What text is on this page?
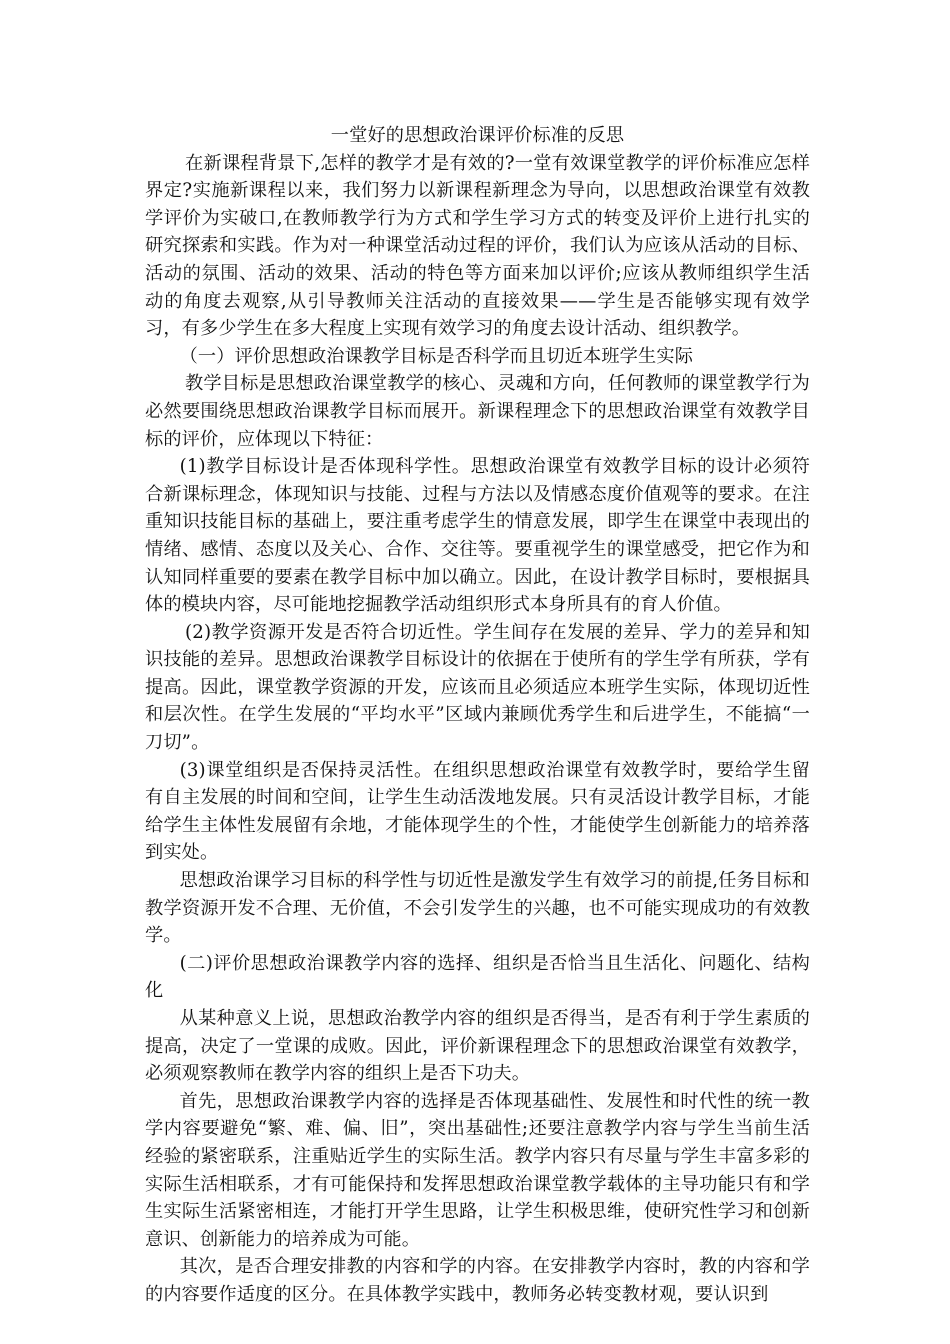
一堂好的思想政治课评价标准的反思

在新课程背景下,怎样的教学才是有效的?一堂有效课堂教学的评价标准应怎样界定?实施新课程以来，我们努力以新课程新理念为导向，以思想政治课堂有效教学评价为实破口,在教师教学行为方式和学生学习方式的转变及评价上进行扎实的研究探索和实践。作为对一种课堂活动过程的评价，我们认为应该从活动的目标、活动的氛围、活动的效果、活动的特色等方面来加以评价;应该从教师组织学生活动的角度去观察,从引导教师关注活动的直接效果——学生是否能够实现有效学习，有多少学生在多大程度上实现有效学习的角度去设计活动、组织教学。

（一）评价思想政治课教学目标是否科学而且切近本班学生实际

教学目标是思想政治课堂教学的核心、灵魂和方向，任何教师的课堂教学行为必然要围绕思想政治课教学目标而展开。新课程理念下的思想政治课堂有效教学目标的评价，应体现以下特征：

(1)教学目标设计是否体现科学性。思想政治课堂有效教学目标的设计必须符合新课标理念，体现知识与技能、过程与方法以及情感态度价值观等的要求。在注重知识技能目标的基础上，要注重考虑学生的情意发展，即学生在课堂中表现出的情绪、感情、态度以及关心、合作、交往等。要重视学生的课堂感受，把它作为和认知同样重要的要素在教学目标中加以确立。因此，在设计教学目标时，要根据具体的模块内容，尽可能地挖掘教学活动组织形式本身所具有的育人价值。

(2)教学资源开发是否符合切近性。学生间存在发展的差异、学力的差异和知识技能的差异。思想政治课教学目标设计的依据在于使所有的学生学有所获，学有提高。因此，课堂教学资源的开发，应该而且必须适应本班学生实际，体现切近性和层次性。在学生发展的“平均水平”区域内兼顾优秀学生和后进学生，不能搞“一刀切”。

(3)课堂组织是否保持灵活性。在组织思想政治课堂有效教学时，要给学生留有自主发展的时间和空间，让学生生动活泼地发展。只有灵活设计教学目标，才能给学生主体性发展留有余地，才能体现学生的个性，才能使学生创新能力的培养落到实处。

思想政治课学习目标的科学性与切近性是激发学生有效学习的前提,任务目标和教学资源开发不合理、无价值，不会引发学生的兴趣，也不可能实现成功的有效教学。

(二)评价思想政治课教学内容的选择、组织是否恰当且生活化、问题化、结构化

从某种意义上说，思想政治教学内容的组织是否得当，是否有利于学生素质的提高，决定了一堂课的成败。因此，评价新课程理念下的思想政治课堂有效教学，必须观察教师在教学内容的组织上是否下功夫。

首先，思想政治课教学内容的选择是否体现基础性、发展性和时代性的统一教学内容要避免“繁、难、偏、旧”，突出基础性;还要注意教学内容与学生当前生活经验的紧密联系，注重贴近学生的实际生活。教学内容只有尽量与学生丰富多彩的实际生活相联系，才有可能保持和发挥思想政治课堂教学载体的主导功能只有和学生实际生活紧密相连，才能打开学生思路，让学生积极思维，使研究性学习和创新意识、创新能力的培养成为可能。

其次，是否合理安排教的内容和学的内容。在安排教学内容时，教的内容和学的内容要作适度的区分。在具体教学实践中，教师务必转变教材观，要认识到
